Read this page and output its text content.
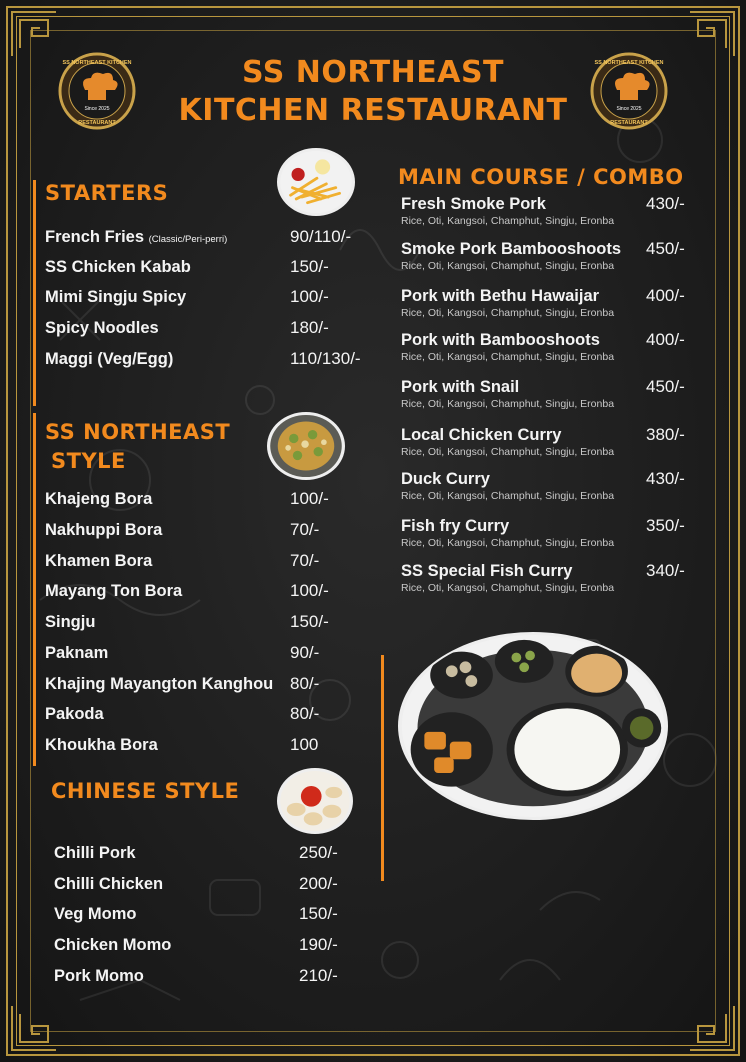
Since 2025
SS NORTHEAST KITCHEN
RESTAURANT
Since 2025
SS NORTHEAST KITCHEN
RESTAURANT
SS NORTHEAST
KITCHEN RESTAURANT
STARTERS
French Fries (Classic/Peri-perri)	90/110/-
SS Chicken Kabab	150/-
Mimi Singju Spicy	100/-
Spicy Noodles	180/-
Maggi (Veg/Egg)	110/130/-
SS NORTHEAST
STYLE
Khajeng Bora	100/-
Nakhuppi Bora	70/-
Khamen Bora	70/-
Mayang Ton Bora	100/-
Singju	150/-
Paknam	90/-
Khajing Mayangton Kanghou 80/-
Pakoda	80/-
Khoukha Bora	100
CHINESE STYLE
Chilli Pork	250/-
Chilli Chicken	200/-
Veg Momo	150/-
Chicken Momo	190/-
Pork Momo	210/-
MAIN COURSE / COMBO
Fresh Smoke Pork	430/-
Rice, Oti, Kangsoi, Champhut, Singju, Eronba
Smoke Pork Bambooshoots 450/-
Rice, Oti, Kangsoi, Champhut, Singju, Eronba
Pork with Bethu Hawaijar	400/-
Rice, Oti, Kangsoi, Champhut, Singju, Eronba
Pork with Bambooshoots	400/-
Rice, Oti, Kangsoi, Champhut, Singju, Eronba
Pork with Snail	450/-
Rice, Oti, Kangsoi, Champhut, Singju, Eronba
Local Chicken Curry	380/-
Rice, Oti, Kangsoi, Champhut, Singju, Eronba
Duck Curry	430/-
Rice, Oti, Kangsoi, Champhut, Singju, Eronba
Fish fry Curry	350/-
Rice, Oti, Kangsoi, Champhut, Singju, Eronba
SS Special Fish Curry	340/-
Rice, Oti, Kangsoi, Champhut, Singju, Eronba
